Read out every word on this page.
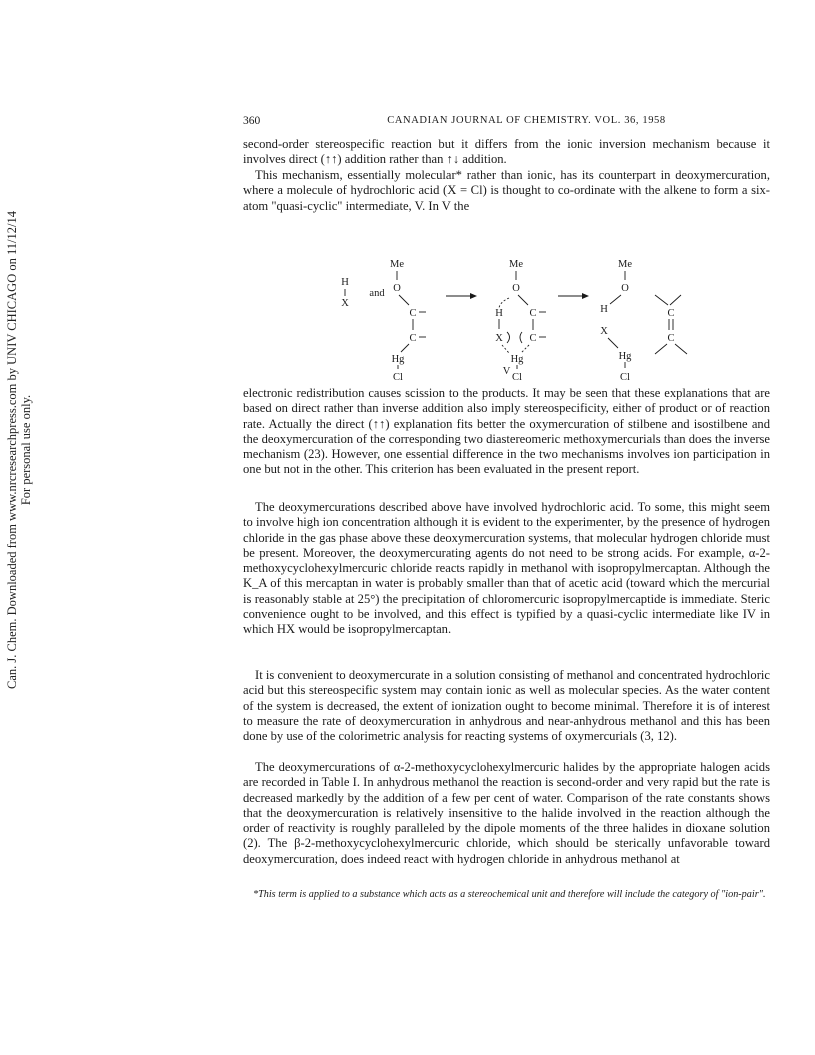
Can. J. Chem. Downloaded from www.nrcresearchpress.com by UNIV CHICAGO on 11/12/14 For personal use only.
360	CANADIAN JOURNAL OF CHEMISTRY. VOL. 36, 1958

second-order stereospecific reaction but it differs from the ionic inversion mechanism because it involves direct (↑↑) addition rather than ↑↓ addition.

This mechanism, essentially molecular* rather than ionic, has its counterpart in deoxymercuration, where a molecule of hydrochloric acid (X = Cl) is thought to co-ordinate with the alkene to form a six-atom "quasi-cyclic" intermediate, V. In V the

Me
O
C
C
Hg
H
X
and
Cl
Me
O
H
X
C
C
Hg
Cl
Me
O
H
X
Hg
C
C
Cl
V

electronic redistribution causes scission to the products. It may be seen that these explanations that are based on direct rather than inverse addition also imply stereospecificity, either of product or of reaction rate. Actually the direct (↑↑) explanation fits better the oxymercuration of stilbene and isostilbene and the deoxymercuration of the corresponding two diastereomeric methoxymercurials than does the inverse mechanism (23). However, one essential difference in the two mechanisms involves ion participation in one but not in the other. This criterion has been evaluated in the present report.

The deoxymercurations described above have involved hydrochloric acid. To some, this might seem to involve high ion concentration although it is evident to the experimenter, by the presence of hydrogen chloride in the gas phase above these deoxymercuration systems, that molecular hydrogen chloride must be present. Moreover, the deoxymercurating agents do not need to be strong acids. For example, α-2-methoxycyclohexylmercuric chloride reacts rapidly in methanol with isopropylmercaptan. Although the K_A of this mercaptan in water is probably smaller than that of acetic acid (toward which the mercurial is reasonably stable at 25°) the precipitation of chloromercuric isopropylmercaptide is immediate. Steric convenience ought to be involved, and this effect is typified by a quasi-cyclic intermediate like IV in which HX would be isopropylmercaptan.

It is convenient to deoxymercurate in a solution consisting of methanol and concentrated hydrochloric acid but this stereospecific system may contain ionic as well as molecular species. As the water content of the system is decreased, the extent of ionization ought to become minimal. Therefore it is of interest to measure the rate of deoxymercuration in anhydrous and near-anhydrous methanol and this has been done by use of the colorimetric analysis for reacting systems of oxymercurials (3, 12).

The deoxymercurations of α-2-methoxycyclohexylmercuric halides by the appropriate halogen acids are recorded in Table I. In anhydrous methanol the reaction is second-order and very rapid but the rate is decreased markedly by the addition of a few per cent of water. Comparison of the rate constants shows that the deoxymercuration is relatively insensitive to the halide involved in the reaction although the order of reactivity is roughly paralleled by the dipole moments of the three halides in dioxane solution (2). The β-2-methoxycyclohexylmercuric chloride, which should be sterically unfavorable toward deoxymercuration, does indeed react with hydrogen chloride in anhydrous methanol at

*This term is applied to a substance which acts as a stereochemical unit and therefore will include the category of "ion-pair".
